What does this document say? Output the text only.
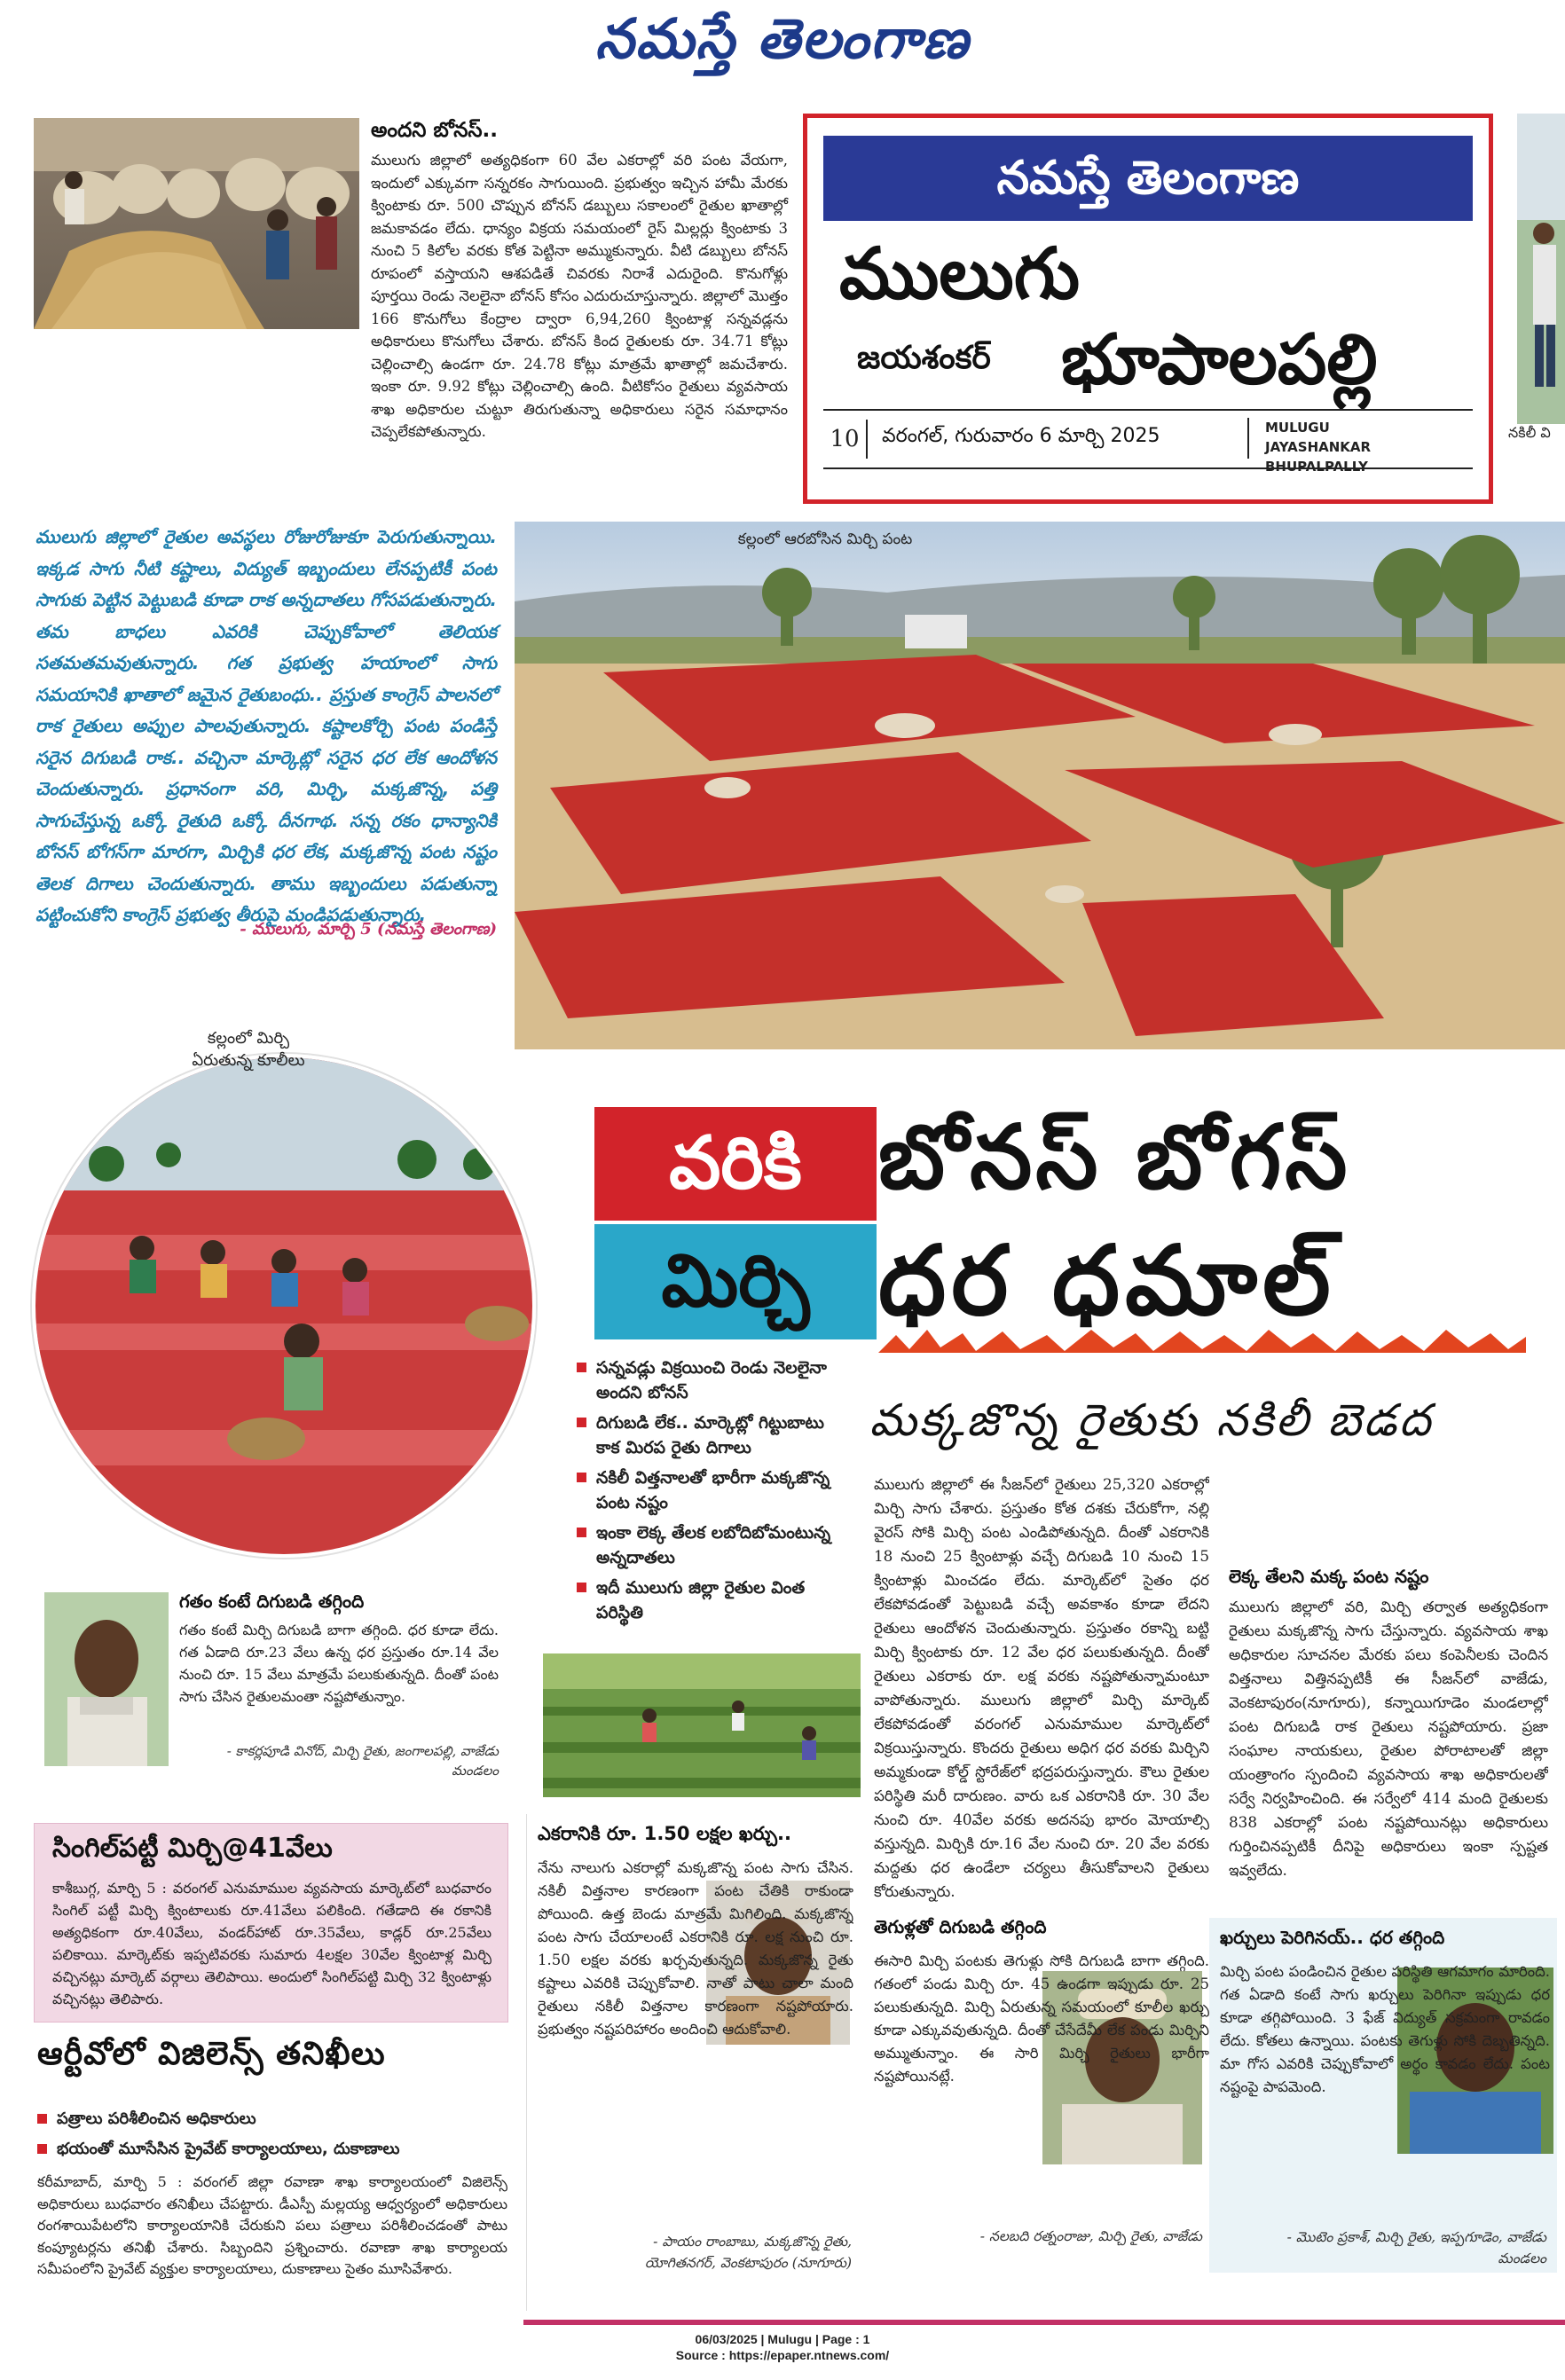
నమస్తే తెలంగాణ
అందని బోనస్..
ములుగు జిల్లాలో అత్యధికంగా 60 వేల ఎకరాల్లో వరి పంట వేయగా, ఇందులో ఎక్కువగా సన్నరకం సాగుయింది. ప్రభుత్వం ఇచ్చిన హామీ మేరకు క్వింటాకు రూ. 500 చొప్పున బోనస్ డబ్బులు సకాలంలో రైతుల ఖాతాల్లో జమకావడం లేదు. ధాన్యం విక్రయ సమయంలో రైస్ మిల్లర్లు క్వింటాకు 3 నుంచి 5 కిలోల వరకు కోత పెట్టినా అమ్ముకున్నారు. వీటి డబ్బులు బోనస్ రూపంలో వస్తాయని ఆశపడితే చివరకు నిరాశే ఎదురైంది. కొనుగోళ్లు పూర్తయి రెండు నెలలైనా బోనస్ కోసం ఎదురుచూస్తున్నారు. జిల్లాలో మొత్తం 166 కొనుగోలు కేంద్రాల ద్వారా 6,94,260 క్వింటాళ్ల సన్నవడ్లను అధికారులు కొనుగోలు చేశారు. బోనస్ కింద రైతులకు రూ. 34.71 కోట్లు చెల్లించాల్సి ఉండగా రూ. 24.78 కోట్లు మాత్రమే ఖాతాల్లో జమచేశారు. ఇంకా రూ. 9.92 కోట్లు చెల్లించాల్సి ఉంది. వీటికోసం రైతులు వ్యవసాయ శాఖ అధికారుల చుట్టూ తిరుగుతున్నా అధికారులు సరైన సమాధానం చెప్పలేకపోతున్నారు.
నమస్తే తెలంగాణ
ములుగు
జయశంకర్ భూపాలపల్లి
10	వరంగల్, గురువారం 6 మార్చి 2025	MULUGU
JAYASHANKAR BHUPALPALLY
నకిలీ వి
ములుగు జిల్లాలో రైతుల అవస్థలు రోజురోజుకూ పెరుగుతున్నాయి. ఇక్కడ సాగు నీటి కష్టాలు, విద్యుత్ ఇబ్బందులు లేనప్పటికీ పంట సాగుకు పెట్టిన పెట్టుబడి కూడా రాక అన్నదాతలు గోసపడుతున్నారు. తమ బాధలు ఎవరికి చెప్పుకోవాలో తెలియక సతమతమవుతున్నారు. గత ప్రభుత్వ హయాంలో సాగు సమయానికి ఖాతాలో జమైన రైతుబంధు.. ప్రస్తుత కాంగ్రెస్ పాలనలో రాక రైతులు అప్పుల పాలవుతున్నారు. కష్టాలకోర్చి పంట పండిస్తే సరైన దిగుబడి రాక.. వచ్చినా మార్కెట్లో సరైన ధర లేక ఆందోళన చెందుతున్నారు. ప్రధానంగా వరి, మిర్చి, మక్కజొన్న, పత్తి సాగుచేస్తున్న ఒక్కో రైతుది ఒక్కో దీనగాథ. సన్న రకం ధాన్యానికి బోనస్ బోగస్‌గా మారగా, మిర్చికి ధర లేక, మక్కజొన్న పంట నష్టం తెలక దిగాలు చెందుతున్నారు. తాము ఇబ్బందులు పడుతున్నా పట్టించుకోని కాంగ్రెస్ ప్రభుత్వ తీరుపై మండిపడుతున్నారు.
- ములుగు, మార్చి 5 (నమస్తే తెలంగాణ)
కల్లంలో ఆరబోసిన మిర్చి పంట
కల్లంలో మిర్చి
ఏరుతున్న కూలీలు
వరికి
మిర్చి
బోనస్ బోగస్
ధర ధమాల్
మక్కజొన్న రైతుకు నకిలీ బెడద
సన్నవడ్లు విక్రయించి రెండు నెలలైనా అందని బోనస్
దిగుబడి లేక.. మార్కెట్లో గిట్టుబాటు కాక మిరప రైతు దిగాలు
నకిలీ విత్తనాలతో భారీగా మక్కజొన్న పంట నష్టం
ఇంకా లెక్క తేలక లబోదిబోమంటున్న అన్నదాతలు
ఇదీ ములుగు జిల్లా రైతుల వింత పరిస్థితి
ములుగు జిల్లాలో ఈ సీజన్‌లో రైతులు 25,320 ఎకరాల్లో మిర్చి సాగు చేశారు. ప్రస్తుతం కోత దశకు చేరుకోగా, నల్లి వైరస్ సోకి మిర్చి పంట ఎండిపోతున్నది. దీంతో ఎకరానికి 18 నుంచి 25 క్వింటాళ్లు వచ్చే దిగుబడి 10 నుంచి 15 క్వింటాళ్లు మించడం లేదు. మార్కెట్‌లో సైతం ధర లేకపోవడంతో పెట్టుబడి వచ్చే అవకాశం కూడా లేదని రైతులు ఆందోళన చెందుతున్నారు. ప్రస్తుతం రకాన్ని బట్టి మిర్చి క్వింటాకు రూ. 12 వేల ధర పలుకుతున్నది. దీంతో రైతులు ఎకరాకు రూ. లక్ష వరకు నష్టపోతున్నామంటూ వాపోతున్నారు. ములుగు జిల్లాలో మిర్చి మార్కెట్ లేకపోవడంతో వరంగల్ ఎనుమాముల మార్కెట్‌లో విక్రయిస్తున్నారు. కొందరు రైతులు అధిగ ధర వరకు మిర్చిని అమ్మకుండా కోల్డ్ స్టోరేజ్‌లో భద్రపరుస్తున్నారు. కౌలు రైతుల పరిస్థితి మరీ దారుణం. వారు ఒక ఎకరానికి రూ. 30 వేల నుంచి రూ. 40వేల వరకు అదనపు భారం మోయాల్సి వస్తున్నది. మిర్చికి రూ.16 వేల నుంచి రూ. 20 వేల వరకు మద్దతు ధర ఉండేలా చర్యలు తీసుకోవాలని రైతులు కోరుతున్నారు.
లెక్క తేలని మక్క పంట నష్టం
ములుగు జిల్లాలో వరి, మిర్చి తర్వాత అత్యధికంగా రైతులు మక్కజొన్న సాగు చేస్తున్నారు. వ్యవసాయ శాఖ అధికారుల సూచనల మేరకు పలు కంపెనీలకు చెందిన విత్తనాలు విత్తినప్పటికీ ఈ సీజన్‌లో వాజేడు, వెంకటాపురం(నూగూరు), కన్నాయిగూడెం మండలాల్లో పంట దిగుబడి రాక రైతులు నష్టపోయారు. ప్రజా సంఘాల నాయకులు, రైతుల పోరాటాలతో జిల్లా యంత్రాంగం స్పందించి వ్యవసాయ శాఖ అధికారులతో సర్వే నిర్వహించింది. ఈ సర్వేలో 414 మంది రైతులకు 838 ఎకరాల్లో పంట నష్టపోయినట్లు అధికారులు గుర్తించినప్పటికీ దీనిపై అధికారులు ఇంకా స్పష్టత ఇవ్వలేదు.
గతం కంటే దిగుబడి తగ్గింది
గతం కంటే మిర్చి దిగుబడి బాగా తగ్గింది. ధర కూడా లేదు. గత ఏడాది రూ.23 వేలు ఉన్న ధర ప్రస్తుతం రూ.14 వేల నుంచి రూ. 15 వేలు మాత్రమే పలుకుతున్నది. దీంతో పంట సాగు చేసిన రైతులమంతా నష్టపోతున్నాం.
- కాకర్లపూడి వినోద్, మిర్చి రైతు, జంగాలపల్లి, వాజేడు మండలం
సింగిల్‌పట్టీ మిర్చి@41వేలు
కాశీబుగ్గ, మార్చి 5 : వరంగల్ ఎనుమాముల వ్యవసాయ మార్కెట్‌లో బుధవారం సింగిల్ పట్టీ మిర్చి క్వింటాలుకు రూ.41వేలు పలికింది. గతేడాది ఈ రకానికి అత్యధికంగా రూ.40వేలు, వండర్‌హాట్ రూ.35వేలు, కాడ్లర్ రూ.25వేలు పలికాయి. మార్కెట్‌కు ఇప్పటివరకు సుమారు 4లక్షల 30వేల క్వింటాళ్ల మిర్చి వచ్చినట్లు మార్కెట్ వర్గాలు తెలిపాయి. అందులో సింగిల్‌పట్టి మిర్చి 32 క్వింటాళ్లు వచ్చినట్లు తెలిపారు.
ఆర్టీవోలో విజిలెన్స్ తనిఖీలు
పత్రాలు పరిశీలించిన అధికారులు
భయంతో మూసేసిన ప్రైవేట్ కార్యాలయాలు, దుకాణాలు
కరీమాబాద్, మార్చి 5 : వరంగల్ జిల్లా రవాణా శాఖ కార్యాలయంలో విజిలెన్స్ అధికారులు బుధవారం తనిఖీలు చేపట్టారు. డీఎస్పీ మల్లయ్య ఆధ్వర్యంలో అధికారులు రంగశాయిపేటలోని కార్యాలయానికి చేరుకుని పలు పత్రాలు పరిశీలించడంతో పాటు కంప్యూటర్లను తనిఖీ చేశారు. సిబ్బందిని ప్రశ్నించారు. రవాణా శాఖ కార్యాలయ సమీపంలోని ప్రైవేట్ వ్యక్తుల కార్యాలయాలు, దుకాణాలు సైతం మూసివేశారు.
ఎకరానికి రూ. 1.50 లక్షల ఖర్చు..
నేను నాలుగు ఎకరాల్లో మక్కజొన్న పంట సాగు చేసిన. నకిలీ విత్తనాల కారణంగా పంట చేతికి రాకుండా పోయింది. ఉత్త బెండు మాత్రమే మిగిలింది. మక్కజొన్న పంట సాగు చేయాలంటే ఎకరానికి రూ. లక్ష నుంచి రూ. 1.50 లక్షల వరకు ఖర్చవుతున్నది. మక్కజొన్న రైతు కష్టాలు ఎవరికి చెప్పుకోవాలి. నాతో పాటు చాలా మంది రైతులు నకిలీ విత్తనాల కారణంగా నష్టపోయారు. ప్రభుత్వం నష్టపరిహారం అందించి ఆదుకోవాలి.
- పాయం రాంబాబు, మక్కజొన్న రైతు, యోగితనగర్, వెంకటాపురం (నూగూరు)
తెగుళ్లతో దిగుబడి తగ్గింది
ఈసారి మిర్చి పంటకు తెగుళ్లు సోకి దిగుబడి బాగా తగ్గింది. గతంలో పండు మిర్చి రూ. 45 ఉండగా ఇప్పుడు రూ. 25 పలుకుతున్నది. మిర్చి ఏరుతున్న సమయంలో కూలీల ఖర్చు కూడా ఎక్కువవుతున్నది. దీంతో చేసేదేమీ లేక పండు మిర్చిని అమ్ముతున్నాం. ఈ సారి మిర్చి రైతులు భారీగా నష్టపోయినట్లే.
- నలబది రత్నంరాజు, మిర్చి రైతు, వాజేడు
ఖర్చులు పెరిగినయ్.. ధర తగ్గింది
మిర్చి పంట పండించిన రైతుల పరిస్థితి ఆగమాగం మారింది. గత ఏడాది కంటే సాగు ఖర్చులు పెరిగినా ఇప్పుడు ధర కూడా తగ్గిపోయింది. 3 ఫేజ్ విద్యుత్ సక్రమంగా రావడం లేదు. కోతలు ఉన్నాయి. పంటకు తెగుళ్లు సోకి దెబ్బతిన్నది. మా గోస ఎవరికి చెప్పుకోవాలో అర్థం కావడం లేదు. పంట నష్టంపై పాపమెంది.
- మొటెం ప్రకాశ్, మిర్చి రైతు, ఇప్పగూడెం, వాజేడు మండలం
06/03/2025 | Mulugu | Page : 1
Source : https://epaper.ntnews.com/
